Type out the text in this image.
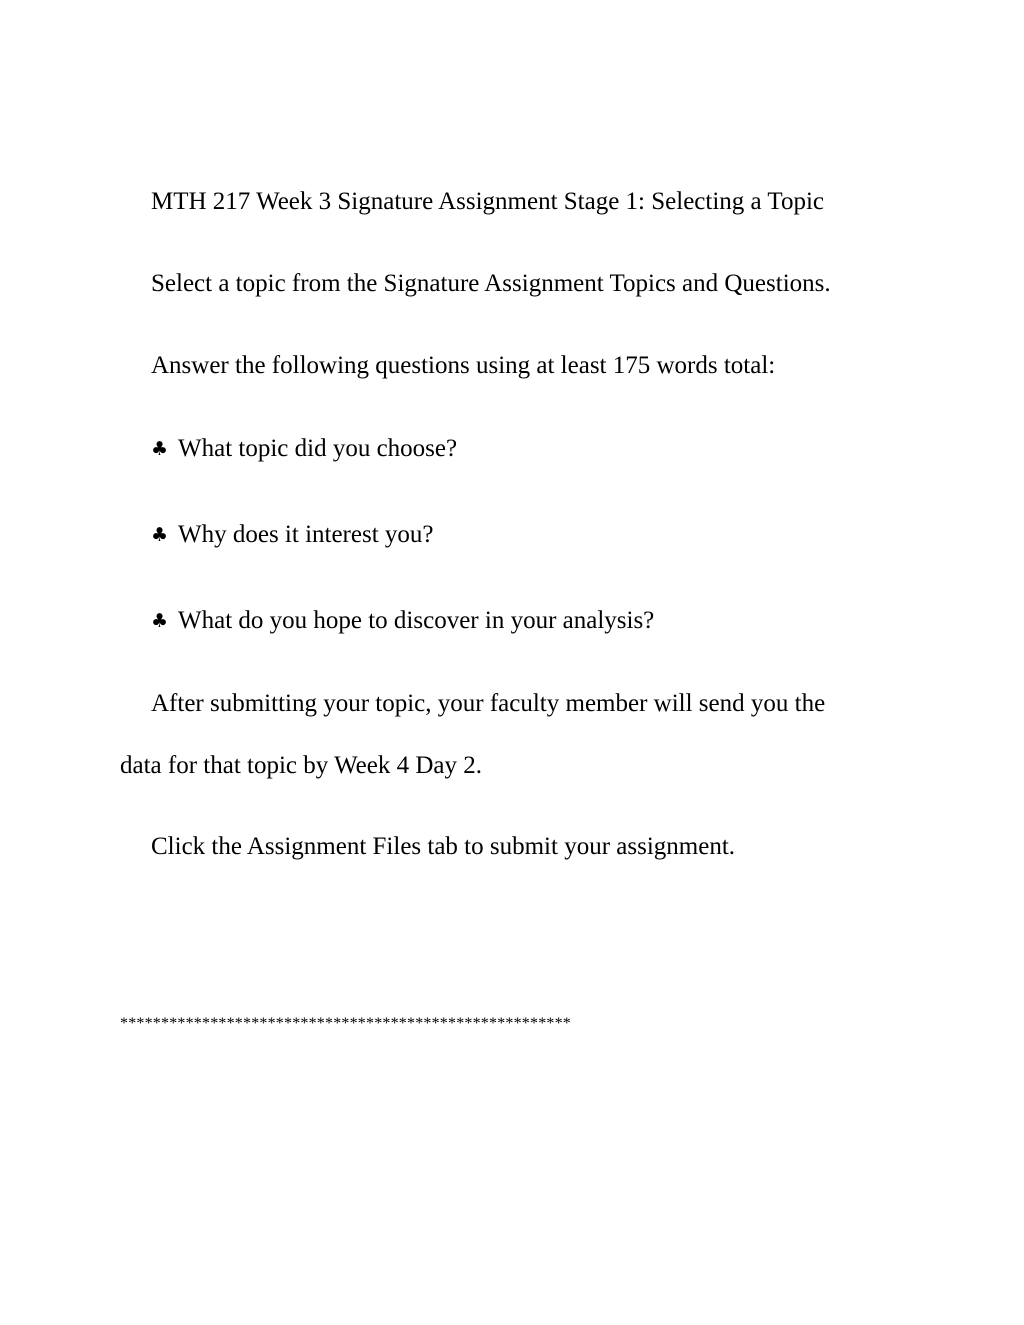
MTH 217 Week 3 Signature Assignment Stage 1: Selecting a Topic

Select a topic from the Signature Assignment Topics and Questions.

Answer the following questions using at least 175 words total:

♣ What topic did you choose?

♣ Why does it interest you?

♣ What do you hope to discover in your analysis?

After submitting your topic, your faculty member will send you the

data for that topic by Week 4 Day 2.

Click the Assignment Files tab to submit your assignment.

*******************************************************
